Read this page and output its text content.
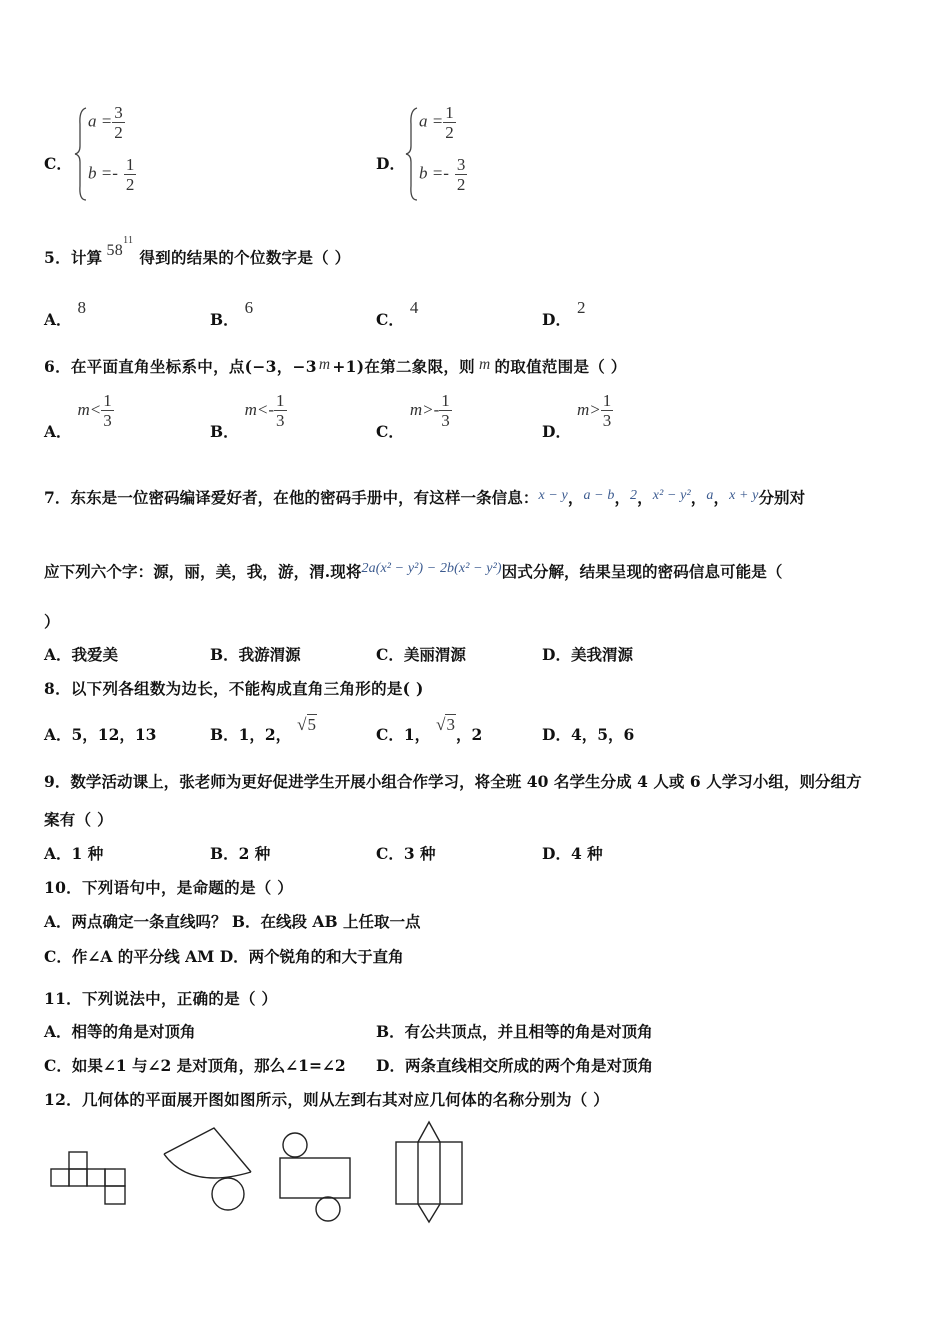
C．
$a = \frac{3}{2}$
$b =- \frac{1}{2}$	D．
$a = \frac{1}{2}$
$b =- \frac{3}{2}$
5．计算 $58^{11}$得到的结果的个位数字是（ ）
A．8
B．6
C．4
D．2
6．在平面直角坐标系中，点(−3，−3 m +1)在第二象限，则 m 的取值范围是（ ）
A．$m< \frac{1}{3}$
B．$m<- \frac{1}{3}$
C．$m>- \frac{1}{3}$
D．$m> \frac{1}{3}$
7．东东是一位密码编译爱好者，在他的密码手册中，有这样一条信息：x − y，a − b，2，x² − y²，a，x + y分别对
应下列六个字：源，丽，美，我，游，渭.现将2a(x² − y²) − 2b(x² − y²)因式分解，结果呈现的密码信息可能是（
）
A．我爱美	B．我游渭源	C．美丽渭源	D．美我渭源
8．以下列各组数为边长，不能构成直角三角形的是( )
A．5，12，13	B．1，2，√5
C．1，√3，2	D．4，5，6
9．数学活动课上，张老师为更好促进学生开展小组合作学习，将全班 40 名学生分成 4 人或 6 人学习小组，则分组方
案有（ ）
A．1 种	B．2 种	C．3 种	D．4 种
10．下列语句中，是命题的是（ ）
A．两点确定一条直线吗？ B．在线段 AB 上任取一点
C．作∠A 的平分线 AM D．两个锐角的和大于直角
11．下列说法中，正确的是（ ）
A．相等的角是对顶角	B．有公共顶点，并且相等的角是对顶角
C．如果∠1 与∠2 是对顶角，那么∠1=∠2 D．两条直线相交所成的两个角是对顶角
12．几何体的平面展开图如图所示，则从左到右其对应几何体的名称分别为（ ）
